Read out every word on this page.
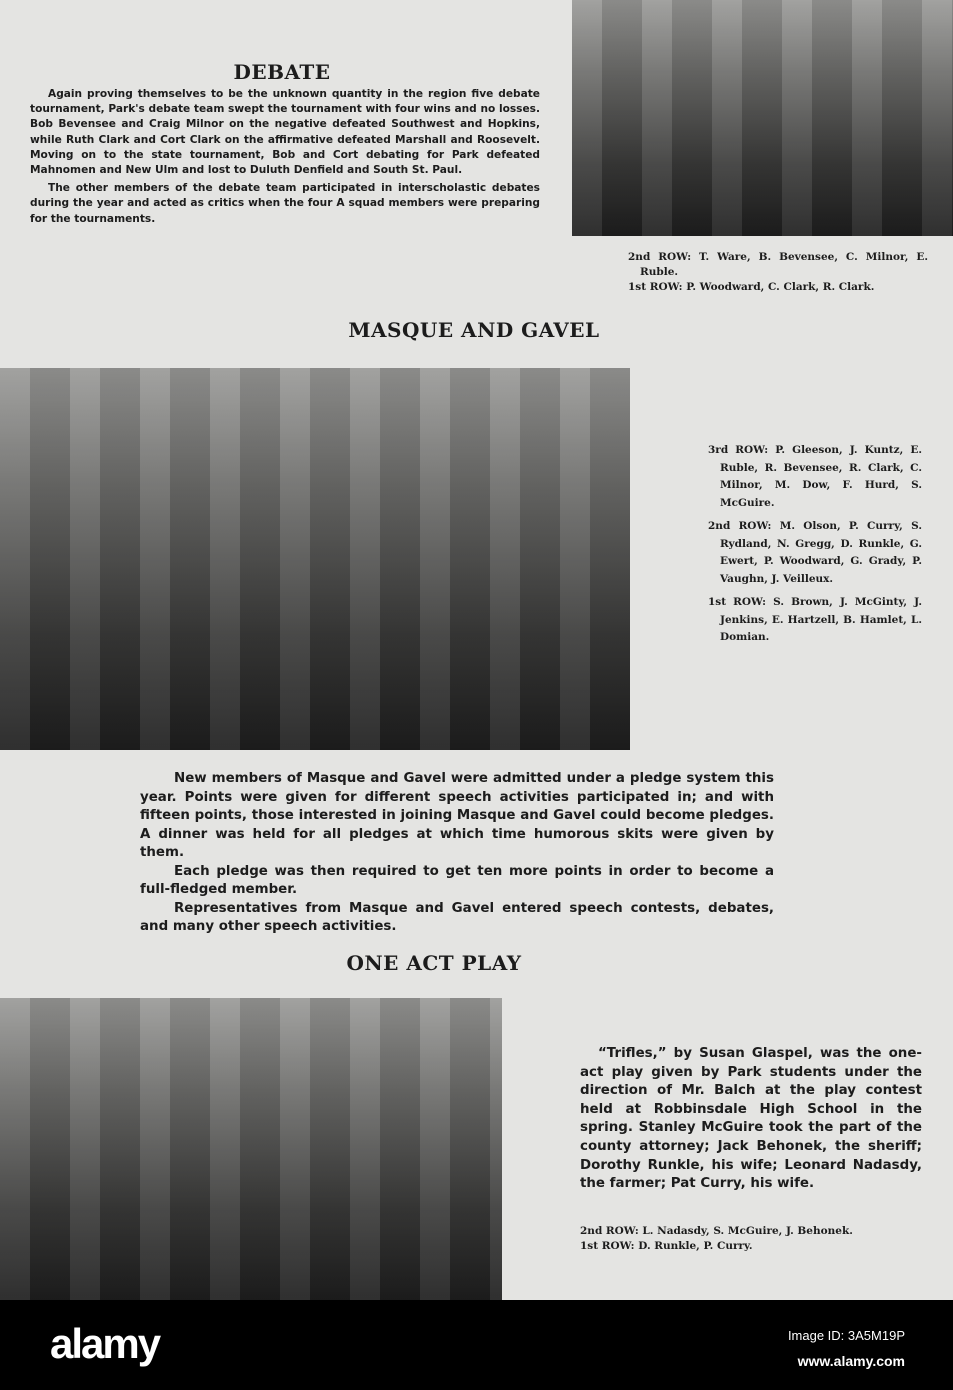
DEBATE

Again proving themselves to be the unknown quantity in the region five debate tournament, Park's debate team swept the tournament with four wins and no losses. Bob Bevensee and Craig Milnor on the negative defeated Southwest and Hopkins, while Ruth Clark and Cort Clark on the affirmative defeated Marshall and Roosevelt. Moving on to the state tournament, Bob and Cort debating for Park defeated Mahnomen and New Ulm and lost to Duluth Denfield and South St. Paul.

The other members of the debate team participated in interscholastic debates during the year and acted as critics when the four A squad members were preparing for the tournaments.

2nd ROW: T. Ware, B. Bevensee, C. Milnor, E. Ruble.

1st ROW: P. Woodward, C. Clark, R. Clark.

MASQUE AND GAVEL

3rd ROW: P. Gleeson, J. Kuntz, E. Ruble, R. Bevensee, R. Clark, C. Milnor, M. Dow, F. Hurd, S. McGuire.

2nd ROW: M. Olson, P. Curry, S. Rydland, N. Gregg, D. Runkle, G. Ewert, P. Woodward, G. Grady, P. Vaughn, J. Veilleux.

1st ROW: S. Brown, J. McGinty, J. Jenkins, E. Hartzell, B. Hamlet, L. Domian.

New members of Masque and Gavel were admitted under a pledge system this year. Points were given for different speech activities participated in; and with fifteen points, those interested in joining Masque and Gavel could become pledges. A dinner was held for all pledges at which time humorous skits were given by them.

Each pledge was then required to get ten more points in order to become a full-fledged member.

Representatives from Masque and Gavel entered speech contests, debates, and many other speech activities.

ONE ACT PLAY

“Trifles,” by Susan Glaspel, was the one-act play given by Park students under the direction of Mr. Balch at the play contest held at Robbinsdale High School in the spring. Stanley McGuire took the part of the county attorney; Jack Behonek, the sheriff; Dorothy Runkle, his wife; Leonard Nadasdy, the farmer; Pat Curry, his wife.

2nd ROW: L. Nadasdy, S. McGuire, J. Behonek.

1st ROW: D. Runkle, P. Curry.

alamy	Image ID: 3A5M19P
www.alamy.com
